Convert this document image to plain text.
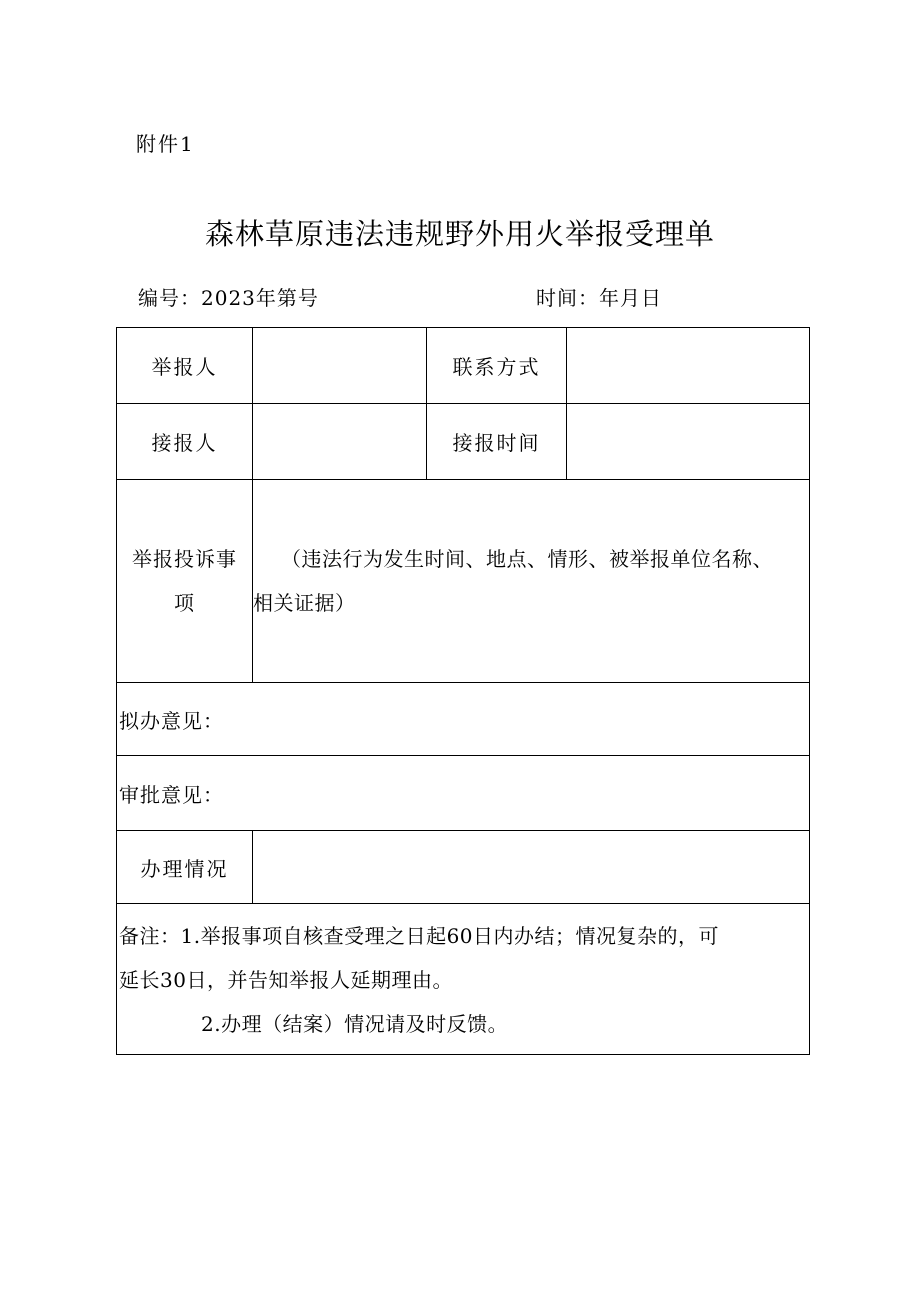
附件1
森林草原违法违规野外用火举报受理单
编号：2023年第号	时间：年月日
举报人		联系方式	
接报人		接报时间	
举报投诉事项	（违法行为发生时间、地点、情形、被举报单位名称、
相关证据）		

拟办意见：			
审批意见：			
办理情况			

备注：1.举报事项自核查受理之日起60日内办结；情况复杂的，可
延长30日，并告知举报人延期理由。
2.办理（结案）情况请及时反馈。			
